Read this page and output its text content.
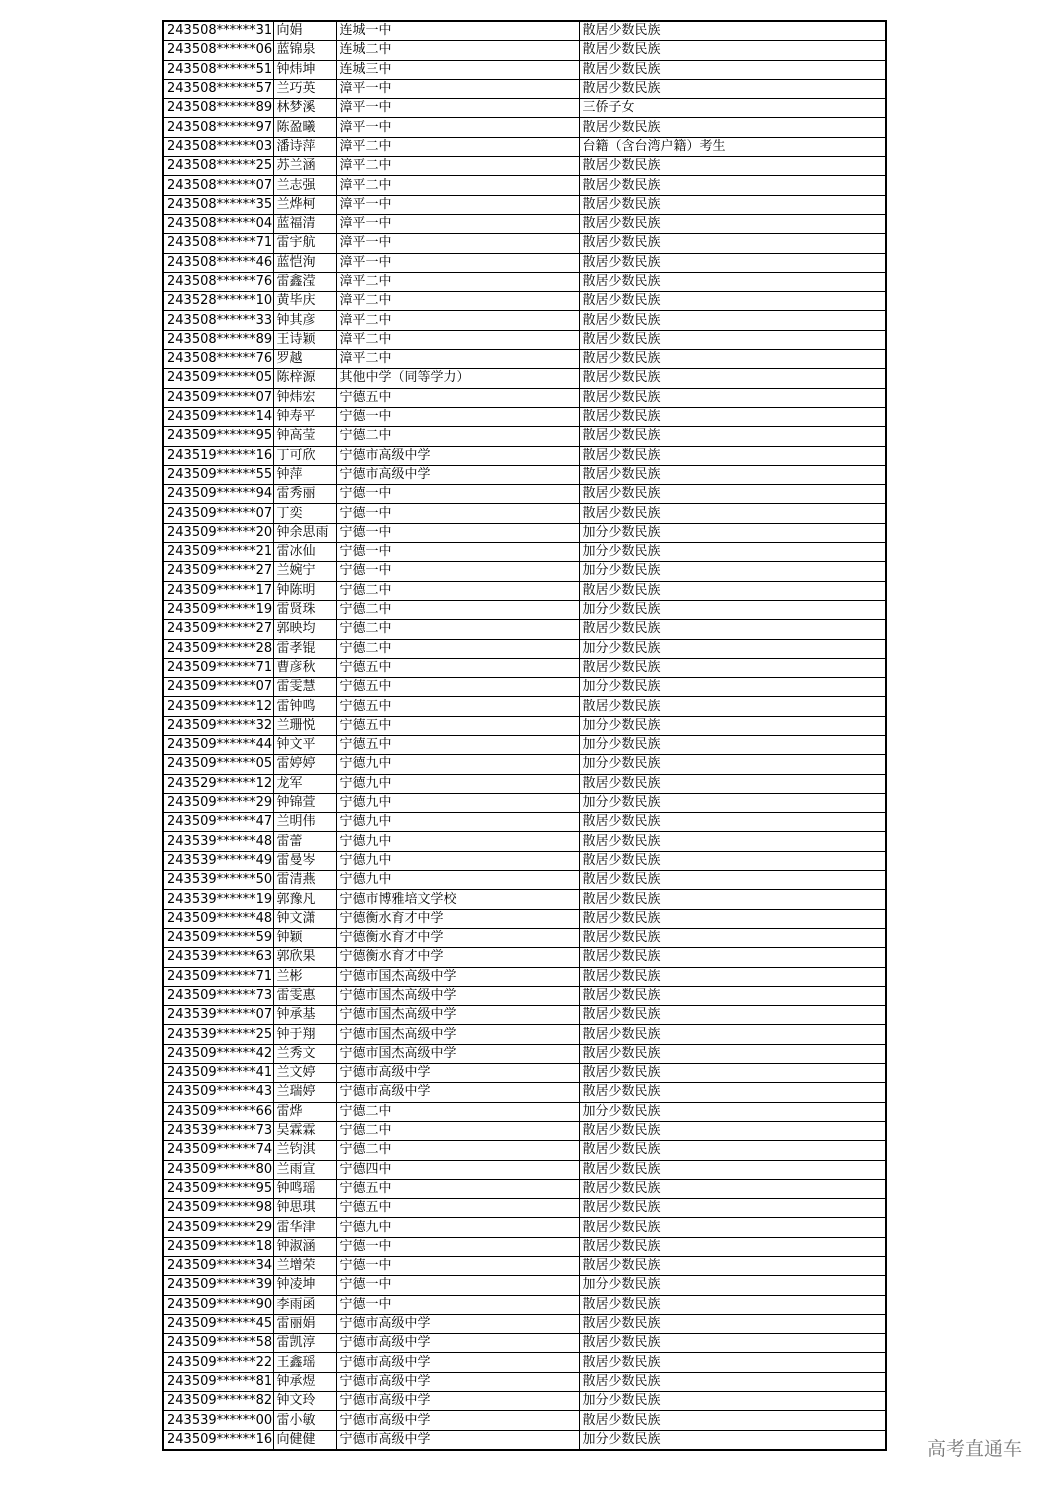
243508******31	向娟	连城一中	散居少数民族
243508******06	蓝锦泉	连城二中	散居少数民族
243508******51	钟炜坤	连城三中	散居少数民族
243508******57	兰巧英	漳平一中	散居少数民族
243508******89	林梦溪	漳平一中	三侨子女
243508******97	陈盈曦	漳平一中	散居少数民族
243508******03	潘诗萍	漳平二中	台籍（含台湾户籍）考生
243508******25	苏兰涵	漳平二中	散居少数民族
243508******07	兰志强	漳平二中	散居少数民族
243508******35	兰烨柯	漳平一中	散居少数民族
243508******04	蓝福清	漳平一中	散居少数民族
243508******71	雷宇航	漳平一中	散居少数民族
243508******46	蓝恺洵	漳平一中	散居少数民族
243508******76	雷鑫滢	漳平二中	散居少数民族
243528******10	黄毕庆	漳平二中	散居少数民族
243508******33	钟其彦	漳平二中	散居少数民族
243508******89	王诗颖	漳平二中	散居少数民族
243508******76	罗越	漳平二中	散居少数民族
243509******05	陈梓源	其他中学（同等学力）	散居少数民族
243509******07	钟炜宏	宁德五中	散居少数民族
243509******14	钟寿平	宁德一中	散居少数民族
243509******95	钟高莹	宁德二中	散居少数民族
243519******16	丁可欣	宁德市高级中学	散居少数民族
243509******55	钟萍	宁德市高级中学	散居少数民族
243509******94	雷秀丽	宁德一中	散居少数民族
243509******07	丁奕	宁德一中	散居少数民族
243509******20	钟余思雨	宁德一中	加分少数民族
243509******21	雷冰仙	宁德一中	加分少数民族
243509******27	兰婉宁	宁德一中	加分少数民族
243509******17	钟陈明	宁德二中	散居少数民族
243509******19	雷贤珠	宁德二中	加分少数民族
243509******27	郭映均	宁德二中	散居少数民族
243509******28	雷孝锟	宁德二中	加分少数民族
243509******71	曹彦秋	宁德五中	散居少数民族
243509******07	雷雯慧	宁德五中	加分少数民族
243509******12	雷钟鸣	宁德五中	散居少数民族
243509******32	兰珊悦	宁德五中	加分少数民族
243509******44	钟文平	宁德五中	加分少数民族
243509******05	雷婷婷	宁德九中	加分少数民族
243529******12	龙军	宁德九中	散居少数民族
243509******29	钟锦萱	宁德九中	加分少数民族
243509******47	兰明伟	宁德九中	散居少数民族
243539******48	雷蕾	宁德九中	散居少数民族
243539******49	雷曼岑	宁德九中	散居少数民族
243539******50	雷清燕	宁德九中	散居少数民族
243539******19	郭豫凡	宁德市博雅培文学校	散居少数民族
243509******48	钟文潇	宁德衡水育才中学	散居少数民族
243509******59	钟颖	宁德衡水育才中学	散居少数民族
243539******63	郭欣果	宁德衡水育才中学	散居少数民族
243509******71	兰彬	宁德市国杰高级中学	散居少数民族
243509******73	雷雯惠	宁德市国杰高级中学	散居少数民族
243539******07	钟承基	宁德市国杰高级中学	散居少数民族
243539******25	钟于翔	宁德市国杰高级中学	散居少数民族
243509******42	兰秀文	宁德市国杰高级中学	散居少数民族
243509******41	兰文婷	宁德市高级中学	散居少数民族
243509******43	兰瑞婷	宁德市高级中学	散居少数民族
243509******66	雷烨	宁德二中	加分少数民族
243539******73	吴霖霖	宁德二中	散居少数民族
243509******74	兰钧淇	宁德二中	散居少数民族
243509******80	兰雨宣	宁德四中	散居少数民族
243509******95	钟鸣瑶	宁德五中	散居少数民族
243509******98	钟思琪	宁德五中	散居少数民族
243509******29	雷华津	宁德九中	散居少数民族
243509******18	钟淑涵	宁德一中	散居少数民族
243509******34	兰增荣	宁德一中	散居少数民族
243509******39	钟凌坤	宁德一中	加分少数民族
243509******90	李雨函	宁德一中	散居少数民族
243509******45	雷丽娟	宁德市高级中学	散居少数民族
243509******58	雷凯淳	宁德市高级中学	散居少数民族
243509******22	王鑫瑶	宁德市高级中学	散居少数民族
243509******81	钟承煜	宁德市高级中学	散居少数民族
243509******82	钟文玲	宁德市高级中学	加分少数民族
243539******00	雷小敏	宁德市高级中学	散居少数民族
243509******16	向健健	宁德市高级中学	加分少数民族	高考直通车
